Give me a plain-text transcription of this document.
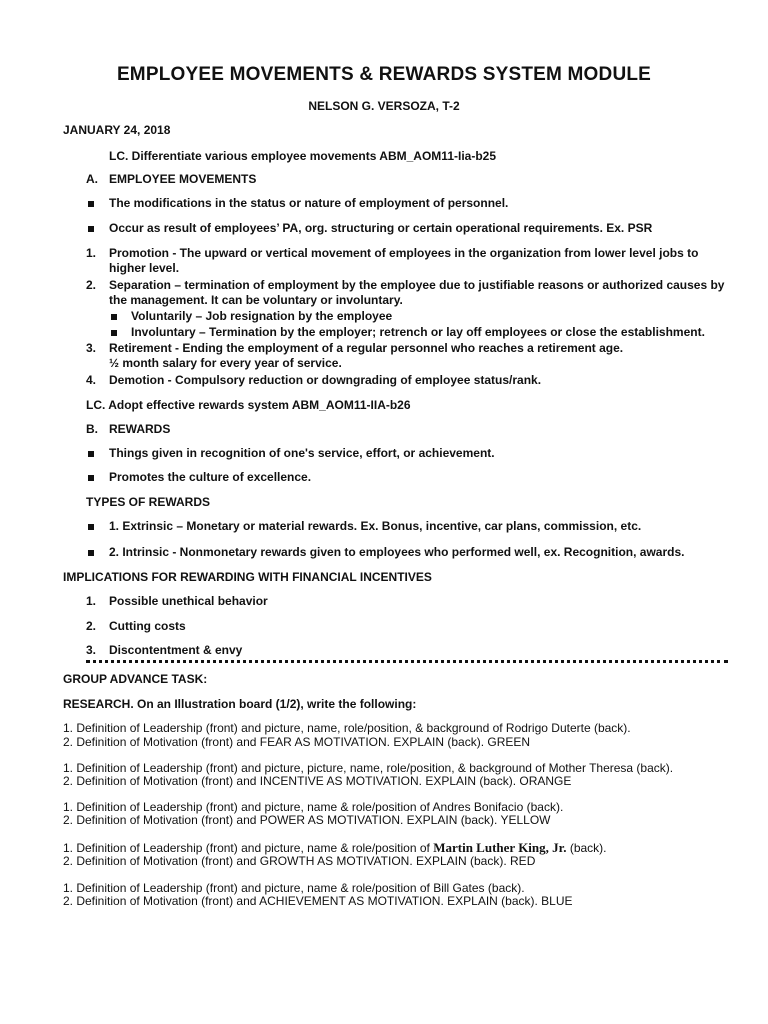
EMPLOYEE MOVEMENTS & REWARDS SYSTEM MODULE
NELSON G. VERSOZA, T-2
JANUARY 24, 2018
LC. Differentiate various employee movements ABM_AOM11-Iia-b25
A. EMPLOYEE MOVEMENTS
The modifications in the status or nature of employment of personnel.
Occur as result of employees’ PA, org. structuring or certain operational requirements. Ex. PSR
1. Promotion - The upward or vertical movement of employees in the organization from lower level jobs to
higher level.
2. Separation – termination of employment by the employee due to justifiable reasons or authorized causes by
the management. It can be voluntary or involuntary.
Voluntarily – Job resignation by the employee
Involuntary – Termination by the employer; retrench or lay off employees or close the establishment.
3. Retirement - Ending the employment of a regular personnel who reaches a retirement age.
½ month salary for every year of service.
4. Demotion - Compulsory reduction or downgrading of employee status/rank.
LC. Adopt effective rewards system ABM_AOM11-IIA-b26
B. REWARDS
Things given in recognition of one's service, effort, or achievement.
Promotes the culture of excellence.
TYPES OF REWARDS
1. Extrinsic – Monetary or material rewards. Ex. Bonus, incentive, car plans, commission, etc.
2. Intrinsic - Nonmonetary rewards given to employees who performed well, ex. Recognition, awards.
IMPLICATIONS FOR REWARDING WITH FINANCIAL INCENTIVES
1. Possible unethical behavior
2. Cutting costs
3. Discontentment & envy
GROUP ADVANCE TASK:
RESEARCH. On an Illustration board (1/2), write the following:
1. Definition of Leadership (front) and picture, name, role/position, & background of Rodrigo Duterte (back).
2. Definition of Motivation (front) and FEAR AS MOTIVATION. EXPLAIN (back). GREEN
1. Definition of Leadership (front) and picture, picture, name, role/position, & background of Mother Theresa (back).
2. Definition of Motivation (front) and INCENTIVE AS MOTIVATION. EXPLAIN (back). ORANGE
1. Definition of Leadership (front) and picture, name & role/position of Andres Bonifacio (back).
2. Definition of Motivation (front) and POWER AS MOTIVATION. EXPLAIN (back). YELLOW
1. Definition of Leadership (front) and picture, name & role/position of Martin Luther King, Jr. (back).
2. Definition of Motivation (front) and GROWTH AS MOTIVATION. EXPLAIN (back). RED
1. Definition of Leadership (front) and picture, name & role/position of Bill Gates (back).
2. Definition of Motivation (front) and ACHIEVEMENT AS MOTIVATION. EXPLAIN (back). BLUE
